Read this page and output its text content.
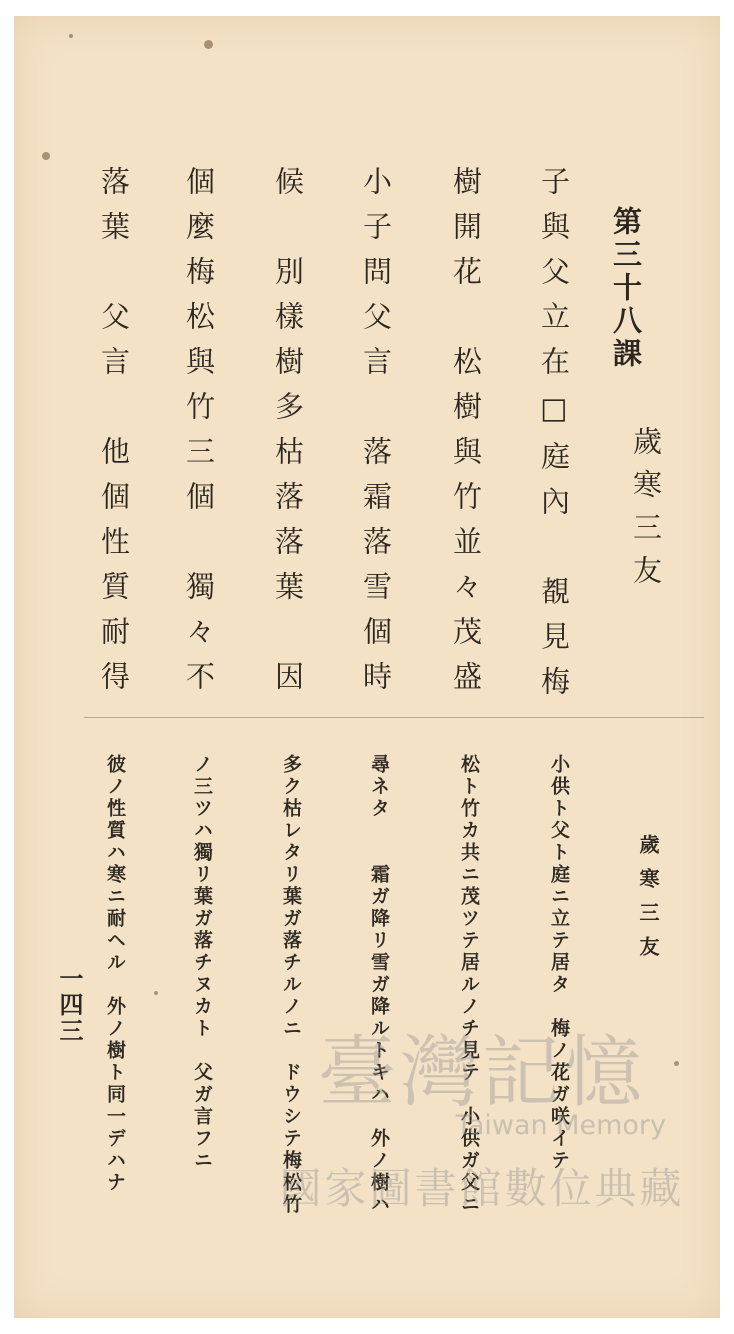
第三十八課
歲寒三友
子與父立在□庭內　覩見梅
樹開花　松樹與竹並々茂盛
小子問父言　落霜落雪個時
候　別樣樹多枯落落葉　因
個麼梅松與竹三個　獨々不
落葉　父言　他個性質耐得
歲寒三友
小供ト父ト庭ニ立テ居タ　梅ノ花ガ咲イテ
松ト竹カ共ニ茂ツテ居ルノチ見テ　小供ガ父ニ
尋ネタ　　霜ガ降リ雪ガ降ルトキハ　外ノ樹ハ
多ク枯レタリ葉ガ落チルノニ　ドウシテ梅松竹
ノ三ツハ獨リ葉ガ落チヌカト　父ガ言フニ
彼ノ性質ハ寒ニ耐ヘル　外ノ樹ト同一デハナ
一四三
臺灣記憶
Taiwan Memory
國家圖書館數位典藏
